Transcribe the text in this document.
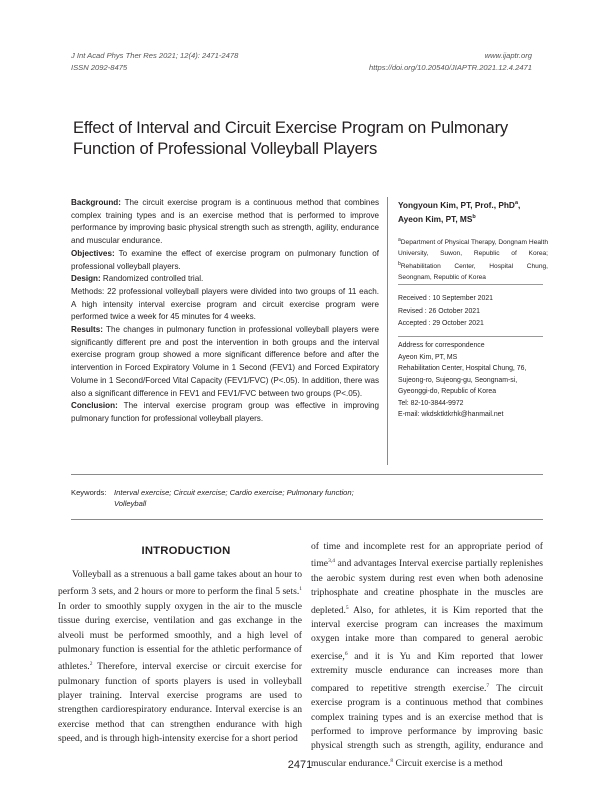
J Int Acad Phys Ther Res 2021; 12(4): 2471-2478
ISSN 2092-8475
www.ijaptr.org
https://doi.org/10.20540/JIAPTR.2021.12.4.2471
Effect of Interval and Circuit Exercise Program on Pulmonary Function of Professional Volleyball Players

Background: The circuit exercise program is a continuous method that combines complex training types and is an exercise method that is performed to improve performance by improving basic physical strength such as strength, agility, endurance and muscular endurance.

Objectives: To examine the effect of exercise program on pulmonary function of professional volleyball players.

Design: Randomized controlled trial.

Methods: 22 professional volleyball players were divided into two groups of 11 each. A high intensity interval exercise program and circuit exercise program were performed twice a week for 45 minutes for 4 weeks.

Results: The changes in pulmonary function in professional volleyball players were significantly different pre and post the intervention in both groups and the interval exercise program group showed a more significant difference before and after the intervention in Forced Expiratory Volume in 1 Second (FEV1) and Forced Expiratory Volume in 1 Second/Forced Vital Capacity (FEV1/FVC) (P<.05). In addition, there was also a significant difference in FEV1 and FEV1/FVC between two groups (P<.05).

Conclusion: The interval exercise program group was effective in improving pulmonary function for professional volleyball players.

Yongyoun Kim, PT, Prof., PhD$^a$,
Ayeon Kim, PT, $MS^b$
$^a$Department of Physical Therapy, Dongnam Health University, Suwon, Republic of Korea; $^b$Rehabilitation Center, Hospital Chung, Seongnam, Republic of Korea
Received : 10 September 2021
Revised : 26 October 2021
Accepted : 29 October 2021
Address for correspondence
Ayeon Kim, PT, MS
Rehabilitation Center, Hospital Chung, 76,
Sujeong-ro, Sujeong-gu, Seongnam-si,
Gyeonggi-do, Republic of Korea
Tel: 82-10-3844-9972
E-mail: wkdsktktkrhk@hanmail.net
Keywords: Interval exercise; Circuit exercise; Cardio exercise; Pulmonary function; Volleyball
INTRODUCTION

Volleyball as a strenuous a ball game takes about an hour to perform 3 sets, and 2 hours or more to perform the final 5 sets.$^1$ In order to smoothly supply oxygen in the air to the muscle tissue during exercise, ventilation and gas exchange in the alveoli must be performed smoothly, and a high level of pulmonary function is essential for the athletic performance of athletes.$^2$ Therefore, interval exercise or circuit exercise for pulmonary function of sports players is used in volleyball player training. Interval exercise programs are used to strengthen cardiorespiratory endurance. Interval exercise is an exercise method that can strengthen endurance with high speed, and is through high-intensity exercise for a short period

of time and incomplete rest for an appropriate period of time$^{3,4}$ and advantages Interval exercise partially replenishes the aerobic system during rest even when both adenosine triphosphate and creatine phosphate in the muscles are depleted.$^5$ Also, for athletes, it is Kim reported that the interval exercise program can increases the maximum oxygen intake more than compared to general aerobic exercise,$^6$ and it is Yu and Kim reported that lower extremity muscle endurance can increases more than compared to repetitive strength exercise.$^7$ The circuit exercise program is a continuous method that combines complex training types and is an exercise method that is performed to improve performance by improving basic physical strength such as strength, agility, endurance and muscular endurance.$^8$ Circuit exercise is a method

2471
